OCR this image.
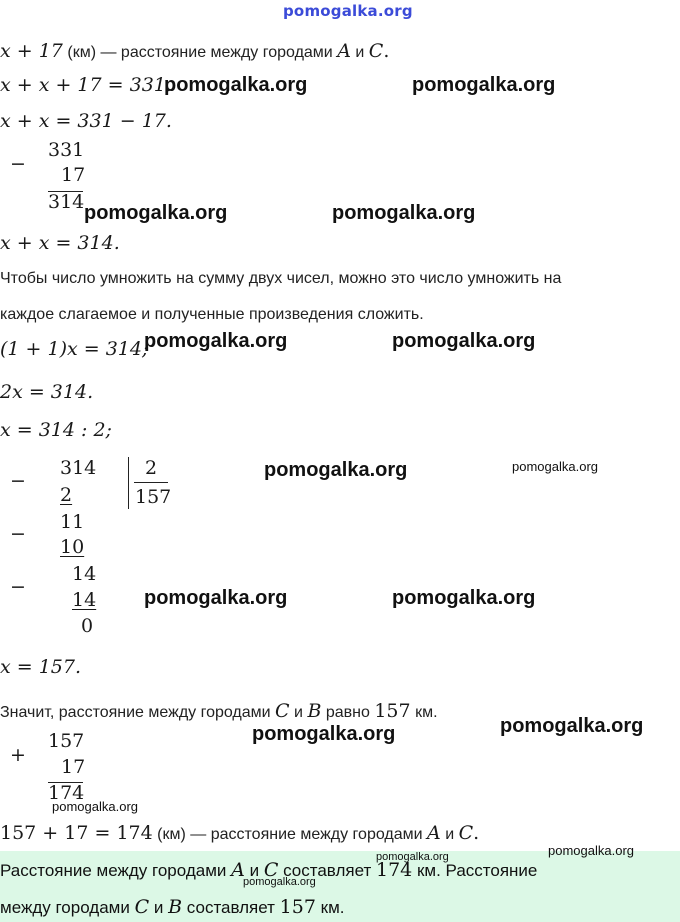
pomogalka.org
x + 17 (км) — расстояние между городами A и C.
x + x + 17 = 331.
pomogalka.org	pomogalka.org
x + x = 331 − 17.
−
331
17
314 pomogalka.org	pomogalka.org
x + x = 314.
Чтобы число умножить на сумму двух чисел, можно это число умножить на
каждое слагаемое и полученные произведения сложить.
(1 + 1)x = 314;
pomogalka.org	pomogalka.org
2x = 314.
x = 314 : 2;
−
314	2
157
2
pomogalka.org	pomogalka.org
−
11
10
−
14
14
0
pomogalka.org	pomogalka.org
x = 157.
Значит, расстояние между городами C и B равно 157 км.
+
157
17
174
pomogalka.org	pomogalka.org
pomogalka.org
157 + 17 = 174 (км) — расстояние между городами A и C.
Расстояние между городами A и C составляет 174 км. Расстояние
между городами C и B составляет 157 км.
pomogalka.org	pomogalka.org
pomogalka.org
